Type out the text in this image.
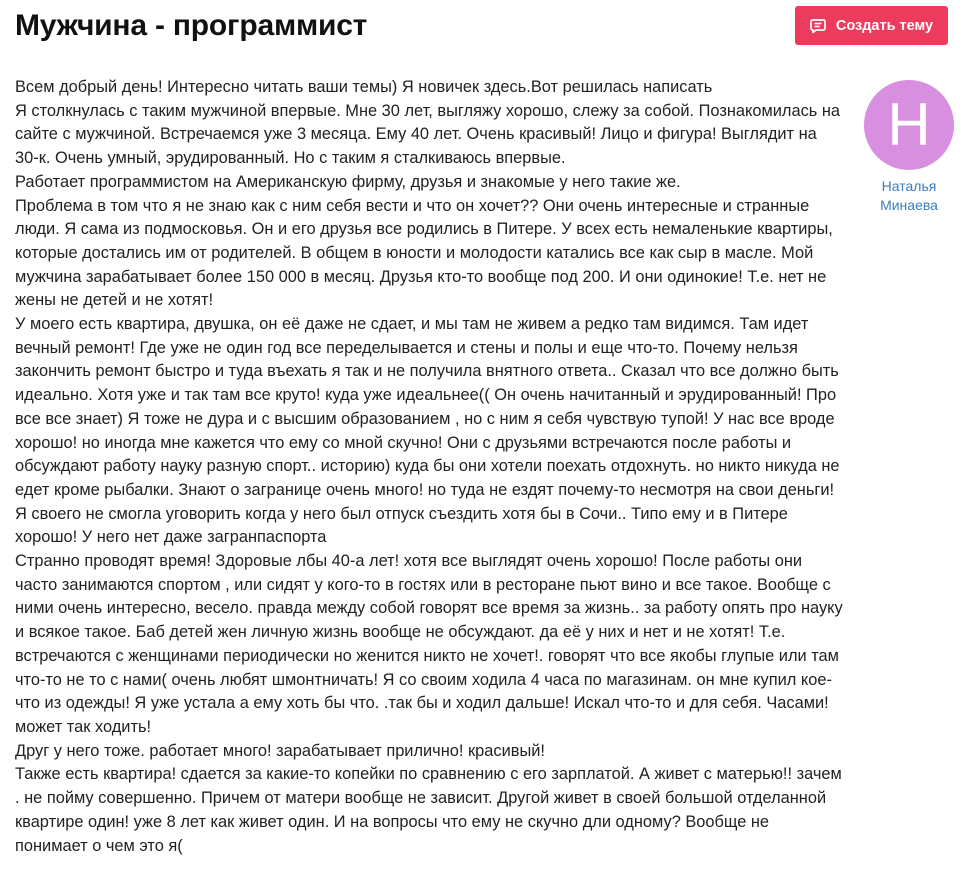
Мужчина - программист	Создать тему

Всем добрый день! Интересно читать ваши темы) Я новичек здесь.Вот решилась написать

Я столкнулась с таким мужчиной впервые. Мне 30 лет, выгляжу хорошо, слежу за собой. Познакомилась на сайте с мужчиной. Встречаемся уже 3 месяца. Ему 40 лет. Очень красивый! Лицо и фигура! Выглядит на 30-к. Очень умный, эрудированный. Но с таким я сталкиваюсь впервые.

Работает программистом на Американскую фирму, друзья и знакомые у него такие же.

Проблема в том что я не знаю как с ним себя вести и что он хочет?? Они очень интересные и странные люди. Я сама из подмосковья. Он и его друзья все родились в Питере. У всех есть немаленькие квартиры, которые достались им от родителей. В общем в юности и молодости катались все как сыр в масле. Мой мужчина зарабатывает более 150 000 в месяц. Друзья кто-то вообще под 200. И они одинокие! Т.е. нет не жены не детей и не хотят!

У моего есть квартира, двушка, он её даже не сдает, и мы там не живем а редко там видимся. Там идет вечный ремонт! Где уже не один год все переделывается и стены и полы и еще что-то. Почему нельзя закончить ремонт быстро и туда въехать я так и не получила внятного ответа.. Сказал что все должно быть идеально. Хотя уже и так там все круто! куда уже идеальнее(( Он очень начитанный и эрудированный! Про все все знает) Я тоже не дура и с высшим образованием , но с ним я себя чувствую тупой! У нас все вроде хорошо! но иногда мне кажется что ему со мной скучно! Они с друзьями встречаются после работы и обсуждают работу науку разную спорт.. историю) куда бы они хотели поехать отдохнуть. но никто никуда не едет кроме рыбалки. Знают о загранице очень много! но туда не ездят почему-то несмотря на свои деньги! Я своего не смогла уговорить когда у него был отпуск съездить хотя бы в Сочи.. Типо ему и в Питере хорошо! У него нет даже загранпаспорта

Странно проводят время! Здоровые лбы 40-а лет! хотя все выглядят очень хорошо! После работы они часто занимаются спортом , или сидят у кого-то в гостях или в ресторане пьют вино и все такое. Вообще с ними очень интересно, весело. правда между собой говорят все время за жизнь.. за работу опять про науку и всякое такое. Баб детей жен личную жизнь вообще не обсуждают. да её у них и нет и не хотят! Т.е. встречаются с женщинами периодически но женится никто не хочет!. говорят что все якобы глупые или там что-то не то с нами( очень любят шмонтничать! Я со своим ходила 4 часа по магазинам. он мне купил кое-что из одежды! Я уже устала а ему хоть бы что. .так бы и ходил дальше! Искал что-то и для себя. Часами! может так ходить!

Друг у него тоже. работает много! зарабатывает прилично! красивый!

Также есть квартира! сдается за какие-то копейки по сравнению с его зарплатой. А живет с матерью!! зачем . не пойму совершенно. Причем от матери вообще не зависит. Другой живет в своей большой отделанной квартире один! уже 8 лет как живет один. И на вопросы что ему не скучно дли одному? Вообще не понимает о чем это я(

Н
Наталья
Минаева
